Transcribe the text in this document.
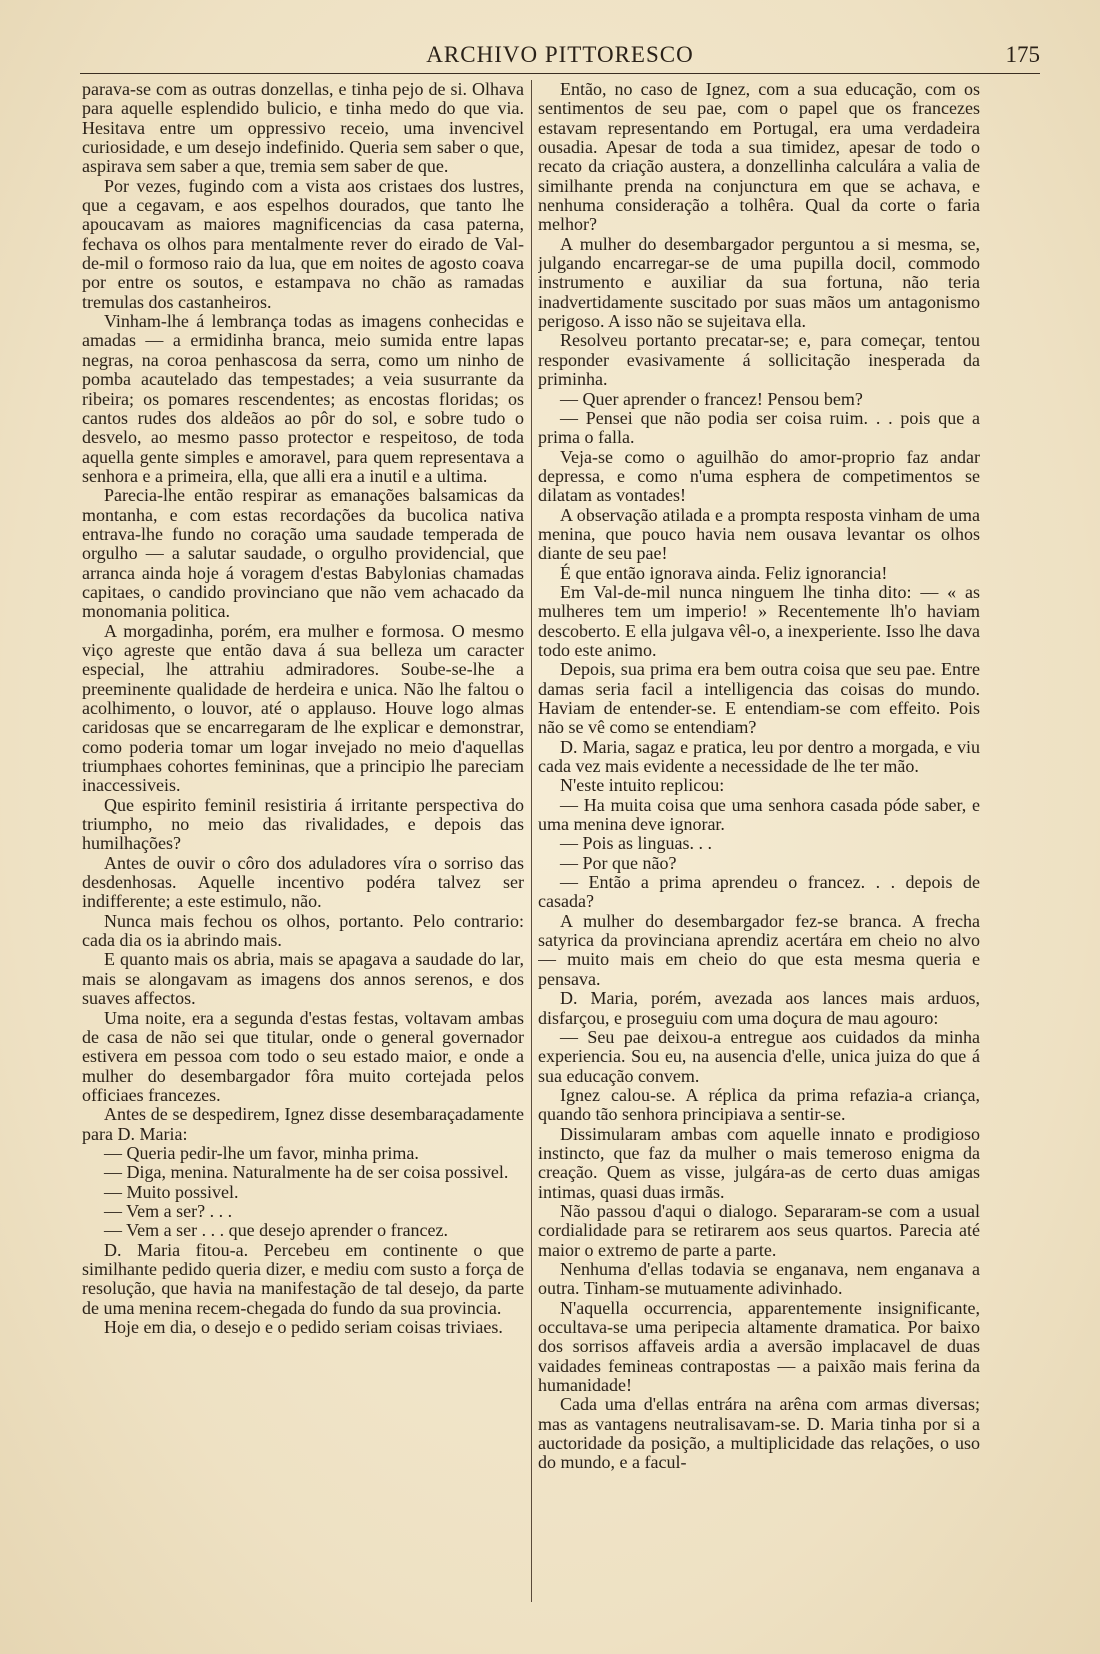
ARCHIVO PITTORESCO	175

parava-se com as outras donzellas, e tinha pejo de si. Olhava para aquelle esplendido bulicio, e tinha medo do que via. Hesitava entre um oppressivo receio, uma invencivel curiosidade, e um desejo indefinido. Queria sem saber o que, aspirava sem saber a que, tremia sem saber de que.

Por vezes, fugindo com a vista aos cristaes dos lustres, que a cegavam, e aos espelhos dourados, que tanto lhe apoucavam as maiores magnificencias da casa paterna, fechava os olhos para mentalmente rever do eirado de Val-de-mil o formoso raio da lua, que em noites de agosto coava por entre os soutos, e estampava no chão as ramadas tremulas dos castanheiros.

Vinham-lhe á lembrança todas as imagens conhecidas e amadas — a ermidinha branca, meio sumida entre lapas negras, na coroa penhascosa da serra, como um ninho de pomba acautelado das tempestades; a veia susurrante da ribeira; os pomares rescendentes; as encostas floridas; os cantos rudes dos aldeãos ao pôr do sol, e sobre tudo o desvelo, ao mesmo passo protector e respeitoso, de toda aquella gente simples e amoravel, para quem representava a senhora e a primeira, ella, que alli era a inutil e a ultima.

Parecia-lhe então respirar as emanações balsamicas da montanha, e com estas recordações da bucolica nativa entrava-lhe fundo no coração uma saudade temperada de orgulho — a salutar saudade, o orgulho providencial, que arranca ainda hoje á voragem d'estas Babylonias chamadas capitaes, o candido provinciano que não vem achacado da monomania politica.

A morgadinha, porém, era mulher e formosa. O mesmo viço agreste que então dava á sua belleza um caracter especial, lhe attrahiu admiradores. Soube-se-lhe a preeminente qualidade de herdeira e unica. Não lhe faltou o acolhimento, o louvor, até o applauso. Houve logo almas caridosas que se encarregaram de lhe explicar e demonstrar, como poderia tomar um logar invejado no meio d'aquellas triumphaes cohortes femininas, que a principio lhe pareciam inaccessiveis.

Que espirito feminil resistiria á irritante perspectiva do triumpho, no meio das rivalidades, e depois das humilhações?

Antes de ouvir o côro dos aduladores víra o sorriso das desdenhosas. Aquelle incentivo podéra talvez ser indifferente; a este estimulo, não.

Nunca mais fechou os olhos, portanto. Pelo contrario: cada dia os ia abrindo mais.

E quanto mais os abria, mais se apagava a saudade do lar, mais se alongavam as imagens dos annos serenos, e dos suaves affectos.

Uma noite, era a segunda d'estas festas, voltavam ambas de casa de não sei que titular, onde o general governador estivera em pessoa com todo o seu estado maior, e onde a mulher do desembargador fôra muito cortejada pelos officiaes francezes.

Antes de se despedirem, Ignez disse desembaraçadamente para D. Maria:

— Queria pedir-lhe um favor, minha prima.

— Diga, menina. Naturalmente ha de ser coisa possivel.

— Muito possivel.

— Vem a ser? . . .

— Vem a ser . . . que desejo aprender o francez.

D. Maria fitou-a. Percebeu em continente o que similhante pedido queria dizer, e mediu com susto a força de resolução, que havia na manifestação de tal desejo, da parte de uma menina recem-chegada do fundo da sua provincia.

Hoje em dia, o desejo e o pedido seriam coisas triviaes.

Então, no caso de Ignez, com a sua educação, com os sentimentos de seu pae, com o papel que os francezes estavam representando em Portugal, era uma verdadeira ousadia. Apesar de toda a sua timidez, apesar de todo o recato da criação austera, a donzellinha calculára a valia de similhante prenda na conjunctura em que se achava, e nenhuma consideração a tolhêra. Qual da corte o faria melhor?

A mulher do desembargador perguntou a si mesma, se, julgando encarregar-se de uma pupilla docil, commodo instrumento e auxiliar da sua fortuna, não teria inadvertidamente suscitado por suas mãos um antagonismo perigoso. A isso não se sujeitava ella.

Resolveu portanto precatar-se; e, para começar, tentou responder evasivamente á sollicitação inesperada da priminha.

— Quer aprender o francez! Pensou bem?

— Pensei que não podia ser coisa ruim. . . pois que a prima o falla.

Veja-se como o aguilhão do amor-proprio faz andar depressa, e como n'uma esphera de competimentos se dilatam as vontades!

A observação atilada e a prompta resposta vinham de uma menina, que pouco havia nem ousava levantar os olhos diante de seu pae!

É que então ignorava ainda. Feliz ignorancia!

Em Val-de-mil nunca ninguem lhe tinha dito: — « as mulheres tem um imperio! » Recentemente lh'o haviam descoberto. E ella julgava vêl-o, a inexperiente. Isso lhe dava todo este animo.

Depois, sua prima era bem outra coisa que seu pae. Entre damas seria facil a intelligencia das coisas do mundo. Haviam de entender-se. E entendiam-se com effeito. Pois não se vê como se entendiam?

D. Maria, sagaz e pratica, leu por dentro a morgada, e viu cada vez mais evidente a necessidade de lhe ter mão.

N'este intuito replicou:

— Ha muita coisa que uma senhora casada póde saber, e uma menina deve ignorar.

— Pois as linguas. . .

— Por que não?

— Então a prima aprendeu o francez. . . depois de casada?

A mulher do desembargador fez-se branca. A frecha satyrica da provinciana aprendiz acertára em cheio no alvo — muito mais em cheio do que esta mesma queria e pensava.

D. Maria, porém, avezada aos lances mais arduos, disfarçou, e proseguiu com uma doçura de mau agouro:

— Seu pae deixou-a entregue aos cuidados da minha experiencia. Sou eu, na ausencia d'elle, unica juiza do que á sua educação convem.

Ignez calou-se. A réplica da prima refazia-a criança, quando tão senhora principiava a sentir-se.

Dissimularam ambas com aquelle innato e prodigioso instincto, que faz da mulher o mais temeroso enigma da creação. Quem as visse, julgára-as de certo duas amigas intimas, quasi duas irmãs.

Não passou d'aqui o dialogo. Separaram-se com a usual cordialidade para se retirarem aos seus quartos. Parecia até maior o extremo de parte a parte.

Nenhuma d'ellas todavia se enganava, nem enganava a outra. Tinham-se mutuamente adivinhado.

N'aquella occurrencia, apparentemente insignificante, occultava-se uma peripecia altamente dramatica. Por baixo dos sorrisos affaveis ardia a aversão implacavel de duas vaidades femineas contrapostas — a paixão mais ferina da humanidade!

Cada uma d'ellas entrára na arêna com armas diversas; mas as vantagens neutralisavam-se. D. Maria tinha por si a auctoridade da posição, a multiplicidade das relações, o uso do mundo, e a facul-
